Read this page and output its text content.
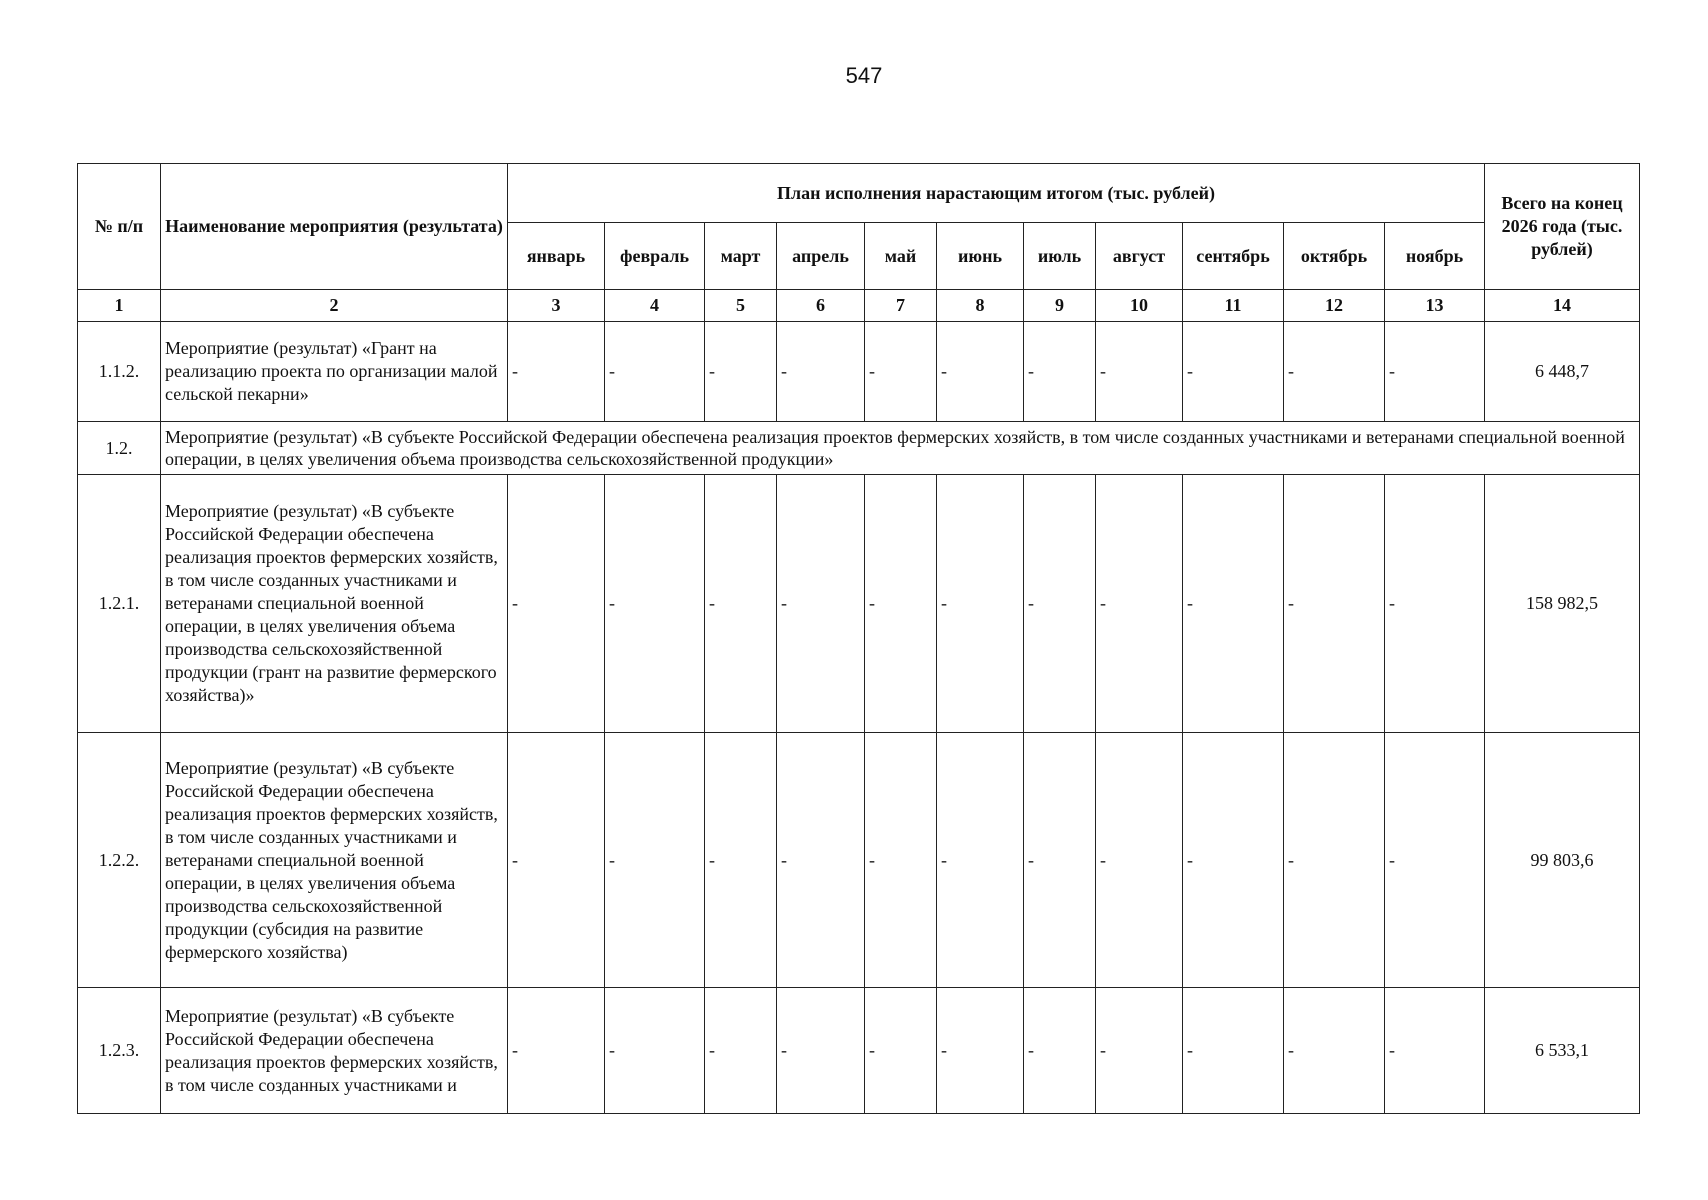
547
№ п/п	Наименование мероприятия (результата)	План исполнения нарастающим итогом (тыс. рублей)											Всего на конец 2026 года (тыс. рублей)
		январь	февраль	март	апрель	май	июнь	июль	август	сентябрь	октябрь	ноябрь	
1	2	3	4	5	6	7	8	9	10	11	12	13	14
1.1.2.	Мероприятие (результат) «Грант на реализацию проекта по организации малой сельской пекарни»	-	-	-	-	-	-	-	-	-	-	-	6 448,7
1.2.	Мероприятие (результат) «В субъекте Российской Федерации обеспечена реализация проектов фермерских хозяйств, в том числе созданных участниками и ветеранами специальной военной операции, в целях увеличения объема производства сельскохозяйственной продукции»												
1.2.1.	Мероприятие (результат) «В субъекте Российской Федерации обеспечена реализация проектов фермерских хозяйств, в том числе созданных участниками и ветеранами специальной военной операции, в целях увеличения объема производства сельскохозяйственной продукции (грант на развитие фермерского хозяйства)»	-	-	-	-	-	-	-	-	-	-	-	158 982,5
1.2.2.	Мероприятие (результат) «В субъекте Российской Федерации обеспечена реализация проектов фермерских хозяйств, в том числе созданных участниками и ветеранами специальной военной операции, в целях увеличения объема производства сельскохозяйственной продукции (субсидия на развитие фермерского хозяйства)	-	-	-	-	-	-	-	-	-	-	-	99 803,6
1.2.3.	Мероприятие (результат) «В субъекте Российской Федерации обеспечена реализация проектов фермерских хозяйств, в том числе созданных участниками и	-	-	-	-	-	-	-	-	-	-	-	6 533,1
